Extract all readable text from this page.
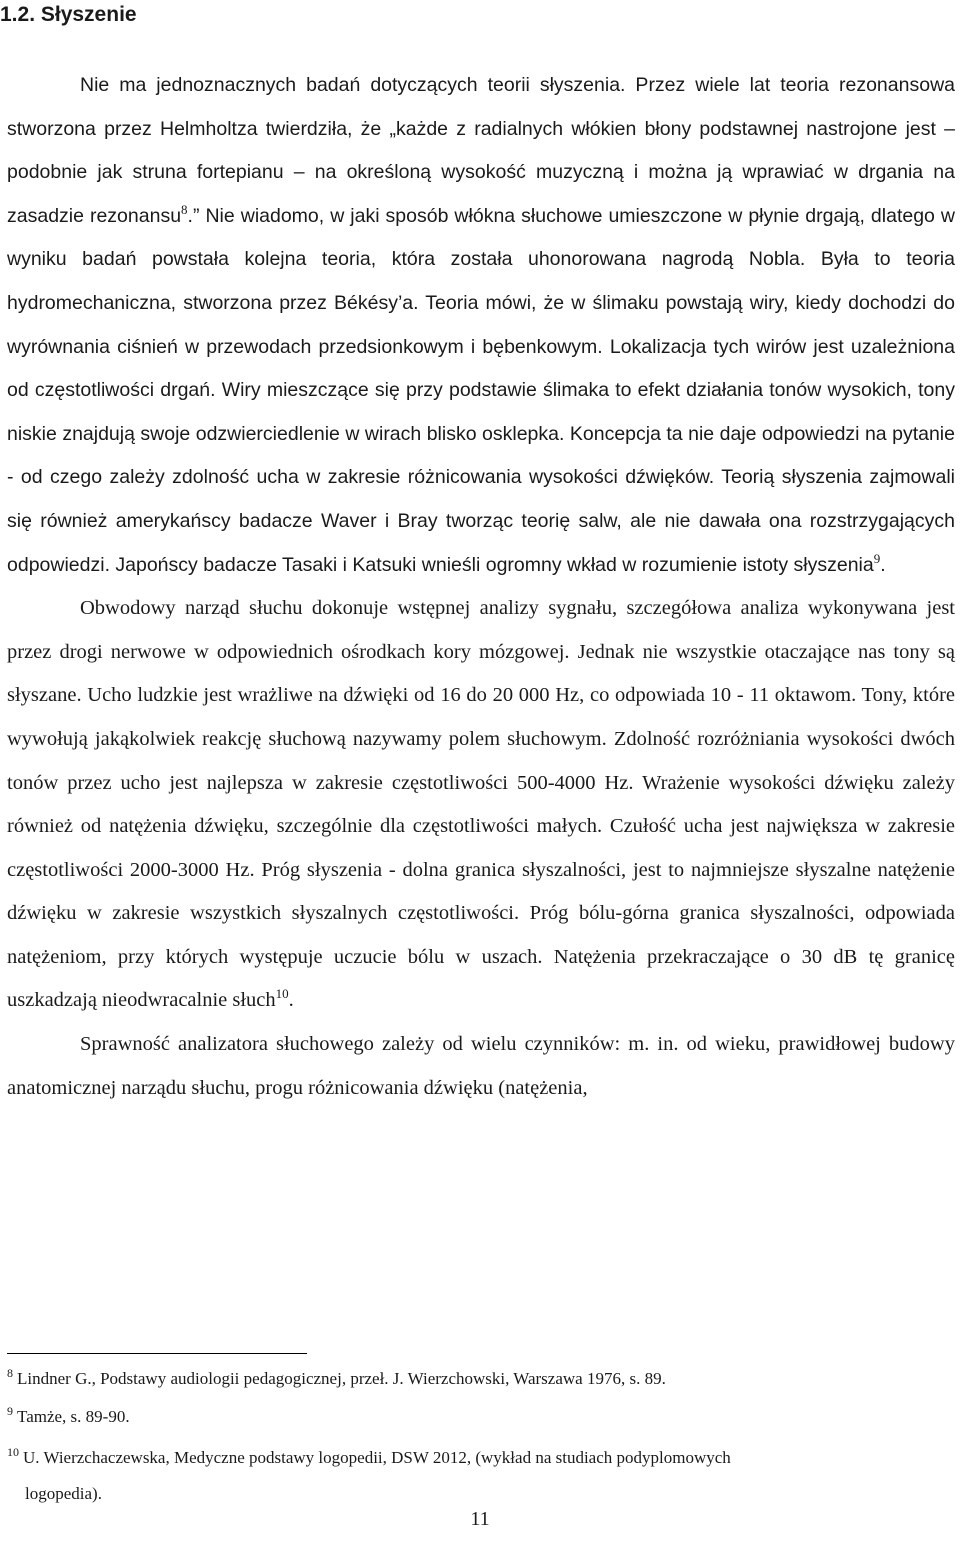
1.2. Słyszenie

Nie ma jednoznacznych badań dotyczących teorii słyszenia. Przez wiele lat teoria rezonansowa stworzona przez Helmholtza twierdziła, że „każde z radialnych włókien błony podstawnej nastrojone jest – podobnie jak struna fortepianu – na określoną wysokość muzyczną i można ją wprawiać w drgania na zasadzie rezonansu$^8$.” Nie wiadomo, w jaki sposób włókna słuchowe umieszczone w płynie drgają, dlatego w wyniku badań powstała kolejna teoria, która została uhonorowana nagrodą Nobla. Była to teoria hydromechaniczna, stworzona przez Békésy’a. Teoria mówi, że w ślimaku powstają wiry, kiedy dochodzi do wyrównania ciśnień w przewodach przedsionkowym i bębenkowym. Lokalizacja tych wirów jest uzależniona od częstotliwości drgań. Wiry mieszczące się przy podstawie ślimaka to efekt działania tonów wysokich, tony niskie znajdują swoje odzwierciedlenie w wirach blisko osklepka. Koncepcja ta nie daje odpowiedzi na pytanie - od czego zależy zdolność ucha w zakresie różnicowania wysokości dźwięków. Teorią słyszenia zajmowali się również amerykańscy badacze Waver i Bray tworząc teorię salw, ale nie dawała ona rozstrzygających odpowiedzi. Japońscy badacze Tasaki i Katsuki wnieśli ogromny wkład w rozumienie istoty słyszenia$^9$.

Obwodowy narząd słuchu dokonuje wstępnej analizy sygnału, szczegółowa analiza wykonywana jest przez drogi nerwowe w odpowiednich ośrodkach kory mózgowej. Jednak nie wszystkie otaczające nas tony są słyszane. Ucho ludzkie jest wrażliwe na dźwięki od 16 do 20 000 Hz, co odpowiada 10 - 11 oktawom. Tony, które wywołują jakąkolwiek reakcję słuchową nazywamy polem słuchowym. Zdolność rozróżniania wysokości dwóch tonów przez ucho jest najlepsza w zakresie częstotliwości 500-4000 Hz. Wrażenie wysokości dźwięku zależy również od natężenia dźwięku, szczególnie dla częstotliwości małych. Czułość ucha jest największa w zakresie częstotliwości 2000-3000 Hz. Próg słyszenia - dolna granica słyszalności, jest to najmniejsze słyszalne natężenie dźwięku w zakresie wszystkich słyszalnych częstotliwości. Próg bólu-górna granica słyszalności, odpowiada natężeniom, przy których występuje uczucie bólu w uszach. Natężenia przekraczające o 30 dB tę granicę uszkadzają nieodwracalnie słuch$^{10}$.

Sprawność analizatora słuchowego zależy od wielu czynników: m. in. od wieku, prawidłowej budowy anatomicznej narządu słuchu, progu różnicowania dźwięku (natężenia,

$^8$ Lindner G., Podstawy audiologii pedagogicznej, przeł. J. Wierzchowski, Warszawa 1976, s. 89.

$^9$ Tamże, s. 89-90.

$^{10}$ U. Wierzchaczewska, Medyczne podstawy logopedii, DSW 2012, (wykład na studiach podyplomowych
logopedia).

11
